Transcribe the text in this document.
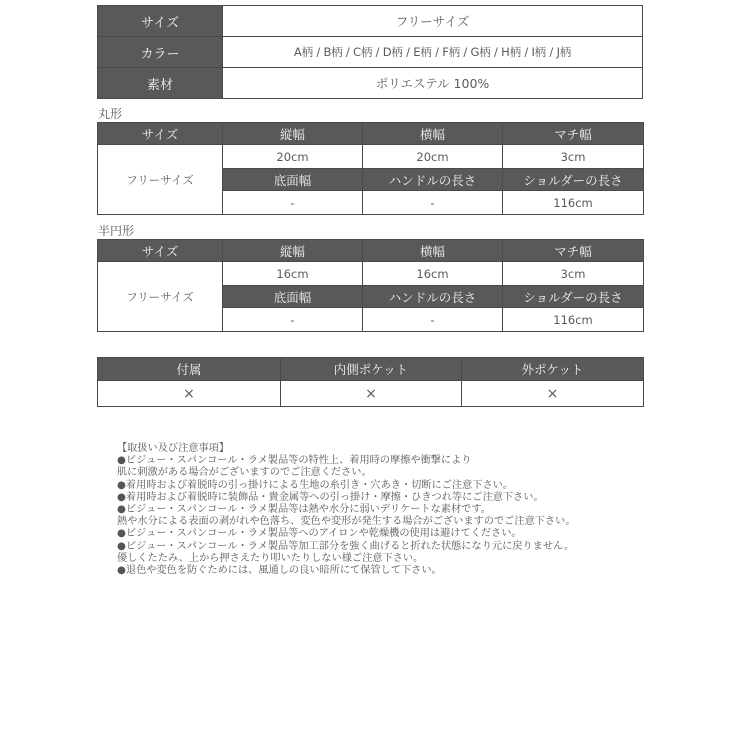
サイズ	フリーサイズ
カラー	A柄 / B柄 / C柄 / D柄 / E柄 / F柄 / G柄 / H柄 / I柄 / J柄
素材	ポリエステル 100%
丸形
サイズ	縦幅	横幅	マチ幅
フリーサイズ	20cm	20cm	3cm
	底面幅	ハンドルの長さ	ショルダーの長さ
	-	-	116cm
半円形
サイズ	縦幅	横幅	マチ幅
フリーサイズ	16cm	16cm	3cm
	底面幅	ハンドルの長さ	ショルダーの長さ
	-	-	116cm
付属	内側ポケット	外ポケット
×	×	×
【取扱い及び注意事項】
●ビジュー・スパンコール・ラメ製品等の特性上、着用時の摩擦や衝撃により
肌に刺激がある場合がございますのでご注意ください。
●着用時および着脱時の引っ掛けによる生地の糸引き・穴あき・切断にご注意下さい。
●着用時および着脱時に装飾品・貴金属等への引っ掛け・摩擦・ひきつれ等にご注意下さい。
●ビジュー・スパンコール・ラメ製品等は熱や水分に弱いデリケートな素材です。
熱や水分による表面の剥がれや色落ち、変色や変形が発生する場合がございますのでご注意下さい。
●ビジュー・スパンコール・ラメ製品等へのアイロンや乾燥機の使用は避けてください。
●ビジュー・スパンコール・ラメ製品等加工部分を強く曲げると折れた状態になり元に戻りません。
優しくたたみ、上から押さえたり叩いたりしない様ご注意下さい。
●退色や変色を防ぐためには、風通しの良い暗所にて保管して下さい。
